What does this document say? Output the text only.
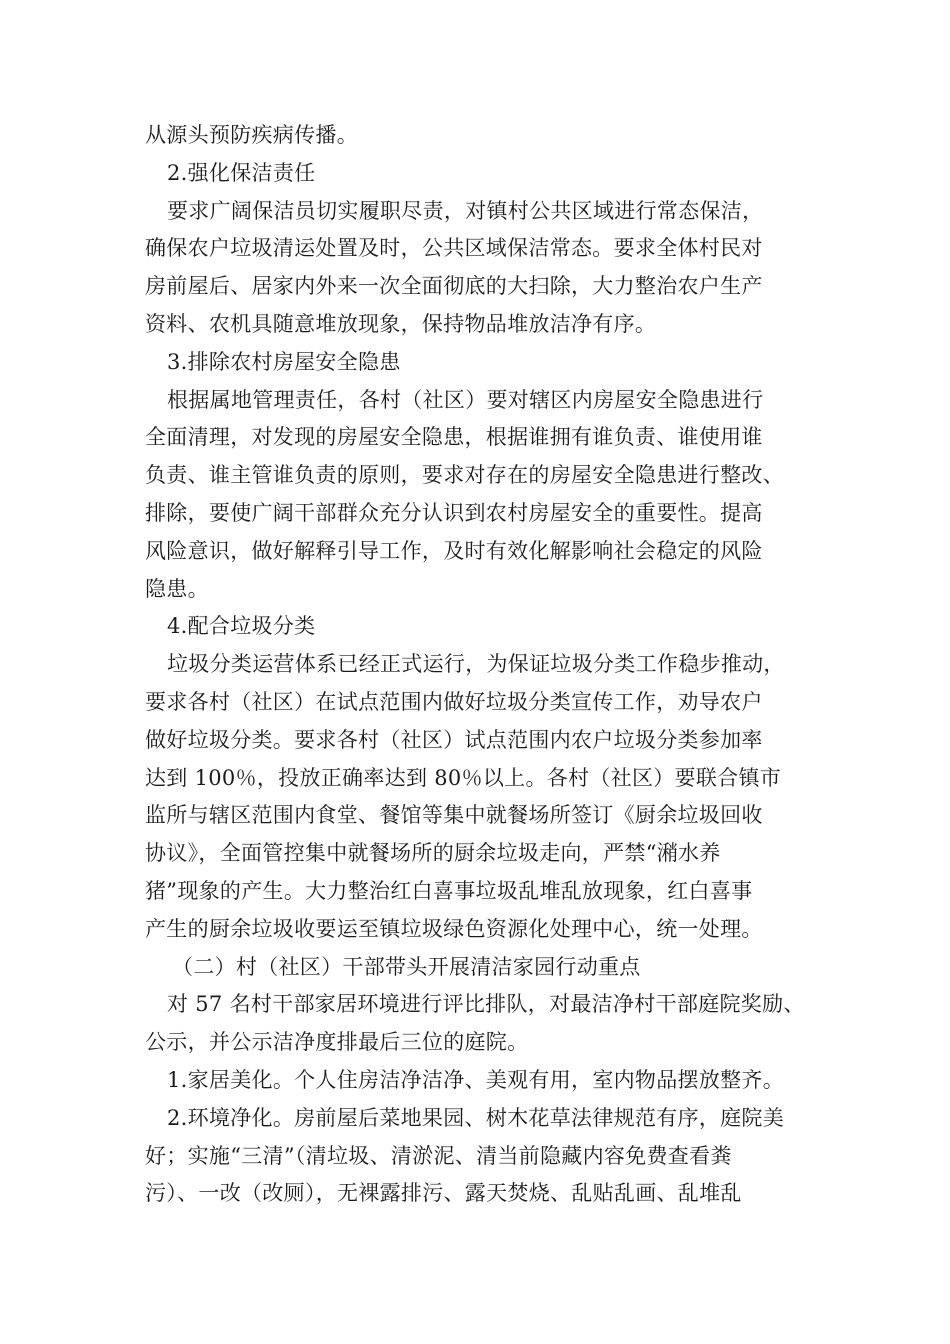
从源头预防疾病传播。
2.强化保洁责任
要求广阔保洁员切实履职尽责，对镇村公共区域进行常态保洁，
确保农户垃圾清运处置及时，公共区域保洁常态。要求全体村民对
房前屋后、居家内外来一次全面彻底的大扫除，大力整治农户生产
资料、农机具随意堆放现象，保持物品堆放洁净有序。
3.排除农村房屋安全隐患
根据属地管理责任，各村（社区）要对辖区内房屋安全隐患进行
全面清理，对发现的房屋安全隐患，根据谁拥有谁负责、谁使用谁
负责、谁主管谁负责的原则，要求对存在的房屋安全隐患进行整改、
排除，要使广阔干部群众充分认识到农村房屋安全的重要性。提高
风险意识，做好解释引导工作，及时有效化解影响社会稳定的风险
隐患。
4.配合垃圾分类
垃圾分类运营体系已经正式运行，为保证垃圾分类工作稳步推动，
要求各村（社区）在试点范围内做好垃圾分类宣传工作，劝导农户
做好垃圾分类。要求各村（社区）试点范围内农户垃圾分类参加率
达到 100％，投放正确率达到 80％以上。各村（社区）要联合镇市
监所与辖区范围内食堂、餐馆等集中就餐场所签订《厨余垃圾回收
协议》，全面管控集中就餐场所的厨余垃圾走向，严禁“潲水养
猪”现象的产生。大力整治红白喜事垃圾乱堆乱放现象，红白喜事
产生的厨余垃圾收要运至镇垃圾绿色资源化处理中心，统一处理。
（二）村（社区）干部带头开展清洁家园行动重点
对 57 名村干部家居环境进行评比排队，对最洁净村干部庭院奖励、
公示，并公示洁净度排最后三位的庭院。
1.家居美化。个人住房洁净洁净、美观有用，室内物品摆放整齐。
2.环境净化。房前屋后菜地果园、树木花草法律规范有序，庭院美
好；实施“三清”（清垃圾、清淤泥、清当前隐藏内容免费查看粪
污）、一改（改厕），无裸露排污、露天焚烧、乱贴乱画、乱堆乱
